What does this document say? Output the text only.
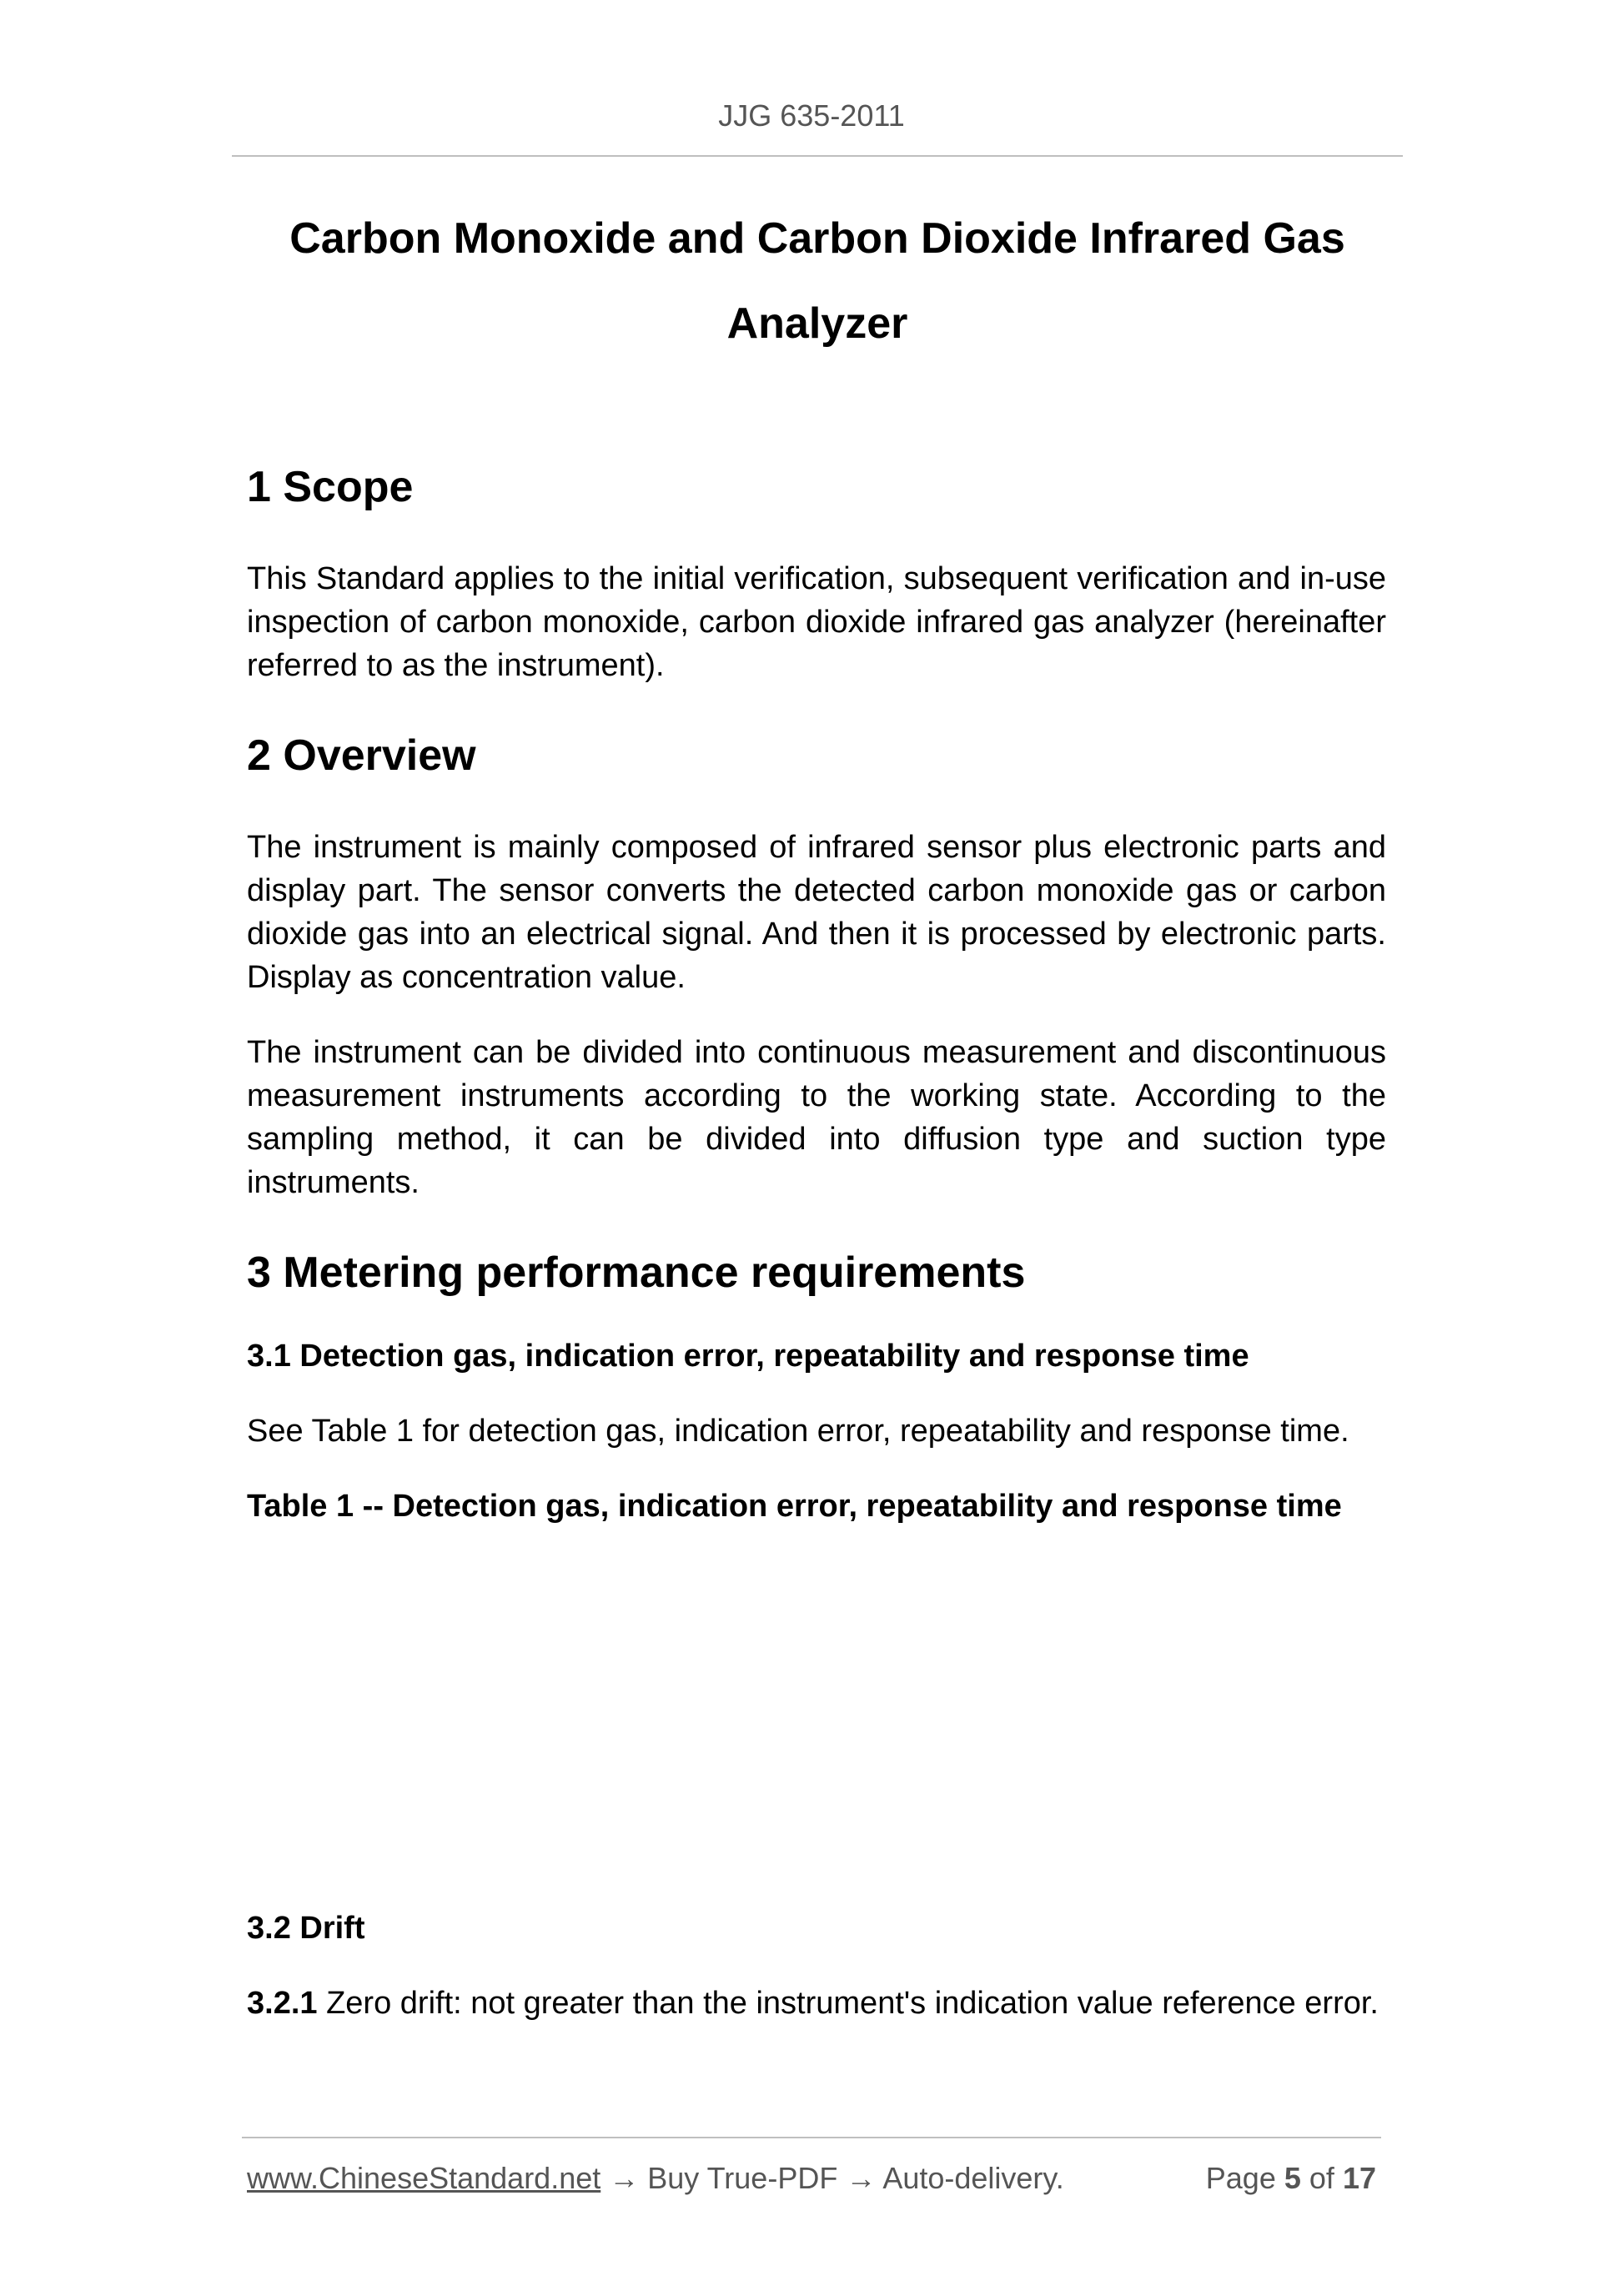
JJG 635-2011
Carbon Monoxide and Carbon Dioxide Infrared Gas
Analyzer
1 Scope

This Standard applies to the initial verification, subsequent verification and in-use inspection of carbon monoxide, carbon dioxide infrared gas analyzer (hereinafter referred to as the instrument).

2 Overview

The instrument is mainly composed of infrared sensor plus electronic parts and display part. The sensor converts the detected carbon monoxide gas or carbon dioxide gas into an electrical signal. And then it is processed by electronic parts. Display as concentration value.

The instrument can be divided into continuous measurement and discontinuous measurement instruments according to the working state. According to the sampling method, it can be divided into diffusion type and suction type instruments.

3 Metering performance requirements
3.1 Detection gas, indication error, repeatability and response time

See Table 1 for detection gas, indication error, repeatability and response time.

Table 1 -- Detection gas, indication error, repeatability and response time
3.2 Drift

3.2.1 Zero drift: not greater than the instrument's indication value reference error.

www.ChineseStandard.net → Buy True-PDF → Auto-delivery.	Page 5 of 17
